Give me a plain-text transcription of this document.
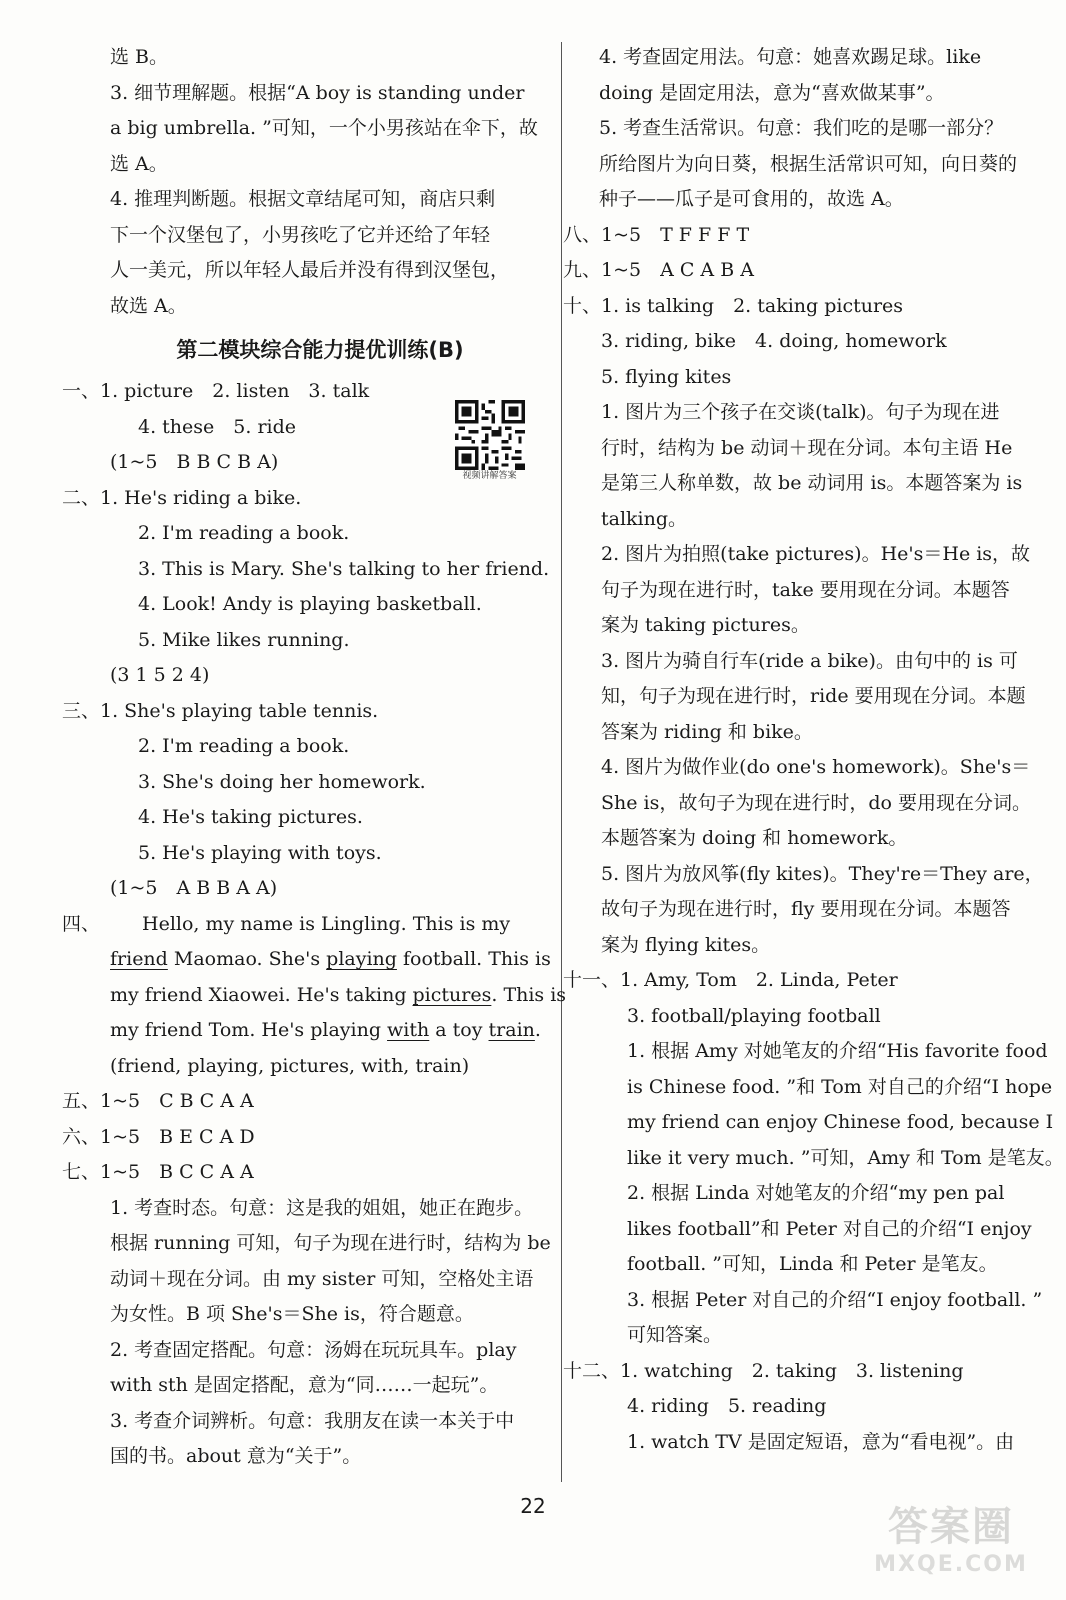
选 B。
3. 细节理解题。根据“A boy is standing under
a big umbrella. ”可知，一个小男孩站在伞下，故
选 A。
4. 推理判断题。根据文章结尾可知，商店只剩
下一个汉堡包了，小男孩吃了它并还给了年轻
人一美元，所以年轻人最后并没有得到汉堡包，
故选 A。
第二模块综合能力提优训练(B)
一、1. picture　2. listen　3. talk
4. these　5. ride
(1~5　B B C B A)
二、1. He's riding a bike.
2. I'm reading a book.
3. This is Mary. She's talking to her friend.
4. Look! Andy is playing basketball.
5. Mike likes running.
(3 1 5 2 4)
三、1. She's playing table tennis.
2. I'm reading a book.
3. She's doing her homework.
4. He's taking pictures.
5. He's playing with toys.
(1~5　A B B A A)
四、 Hello, my name is Lingling. This is my
friend Maomao. She's playing football. This is
my friend Xiaowei. He's taking pictures. This is
my friend Tom. He's playing with a toy train.
(friend, playing, pictures, with, train)
五、1~5　C B C A A
六、1~5　B E C A D
七、1~5　B C C A A
1. 考查时态。句意：这是我的姐姐，她正在跑步。
根据 running 可知，句子为现在进行时，结构为 be
动词＋现在分词。由 my sister 可知，空格处主语
为女性。B 项 She's＝She is，符合题意。
2. 考查固定搭配。句意：汤姆在玩玩具车。play
with sth 是固定搭配，意为“同……一起玩”。
3. 考查介词辨析。句意：我朋友在读一本关于中
国的书。about 意为“关于”。
视频讲解答案
4. 考查固定用法。句意：她喜欢踢足球。like
doing 是固定用法，意为“喜欢做某事”。
5. 考查生活常识。句意：我们吃的是哪一部分？
所给图片为向日葵，根据生活常识可知，向日葵的
种子——瓜子是可食用的，故选 A。
八、1~5　T F F F T
九、1~5　A C A B A
十、1. is talking　2. taking pictures
3. riding, bike　4. doing, homework
5. flying kites
1. 图片为三个孩子在交谈(talk)。句子为现在进
行时，结构为 be 动词＋现在分词。本句主语 He
是第三人称单数，故 be 动词用 is。本题答案为 is
talking。
2. 图片为拍照(take pictures)。He's＝He is，故
句子为现在进行时，take 要用现在分词。本题答
案为 taking pictures。
3. 图片为骑自行车(ride a bike)。由句中的 is 可
知，句子为现在进行时，ride 要用现在分词。本题
答案为 riding 和 bike。
4. 图片为做作业(do one's homework)。She's＝
She is，故句子为现在进行时，do 要用现在分词。
本题答案为 doing 和 homework。
5. 图片为放风筝(fly kites)。They're＝They are，
故句子为现在进行时，fly 要用现在分词。本题答
案为 flying kites。
十一、1. Amy, Tom　2. Linda, Peter
3. football/playing football
1. 根据 Amy 对她笔友的介绍“His favorite food
is Chinese food. ”和 Tom 对自己的介绍“I hope
my friend can enjoy Chinese food, because I
like it very much. ”可知，Amy 和 Tom 是笔友。
2. 根据 Linda 对她笔友的介绍“my pen pal
likes football”和 Peter 对自己的介绍“I enjoy
football. ”可知，Linda 和 Peter 是笔友。
3. 根据 Peter 对自己的介绍“I enjoy football. ”
可知答案。
十二、1. watching　2. taking　3. listening
4. riding　5. reading
1. watch TV 是固定短语，意为“看电视”。由
22	答案圈
MXQE.COM
